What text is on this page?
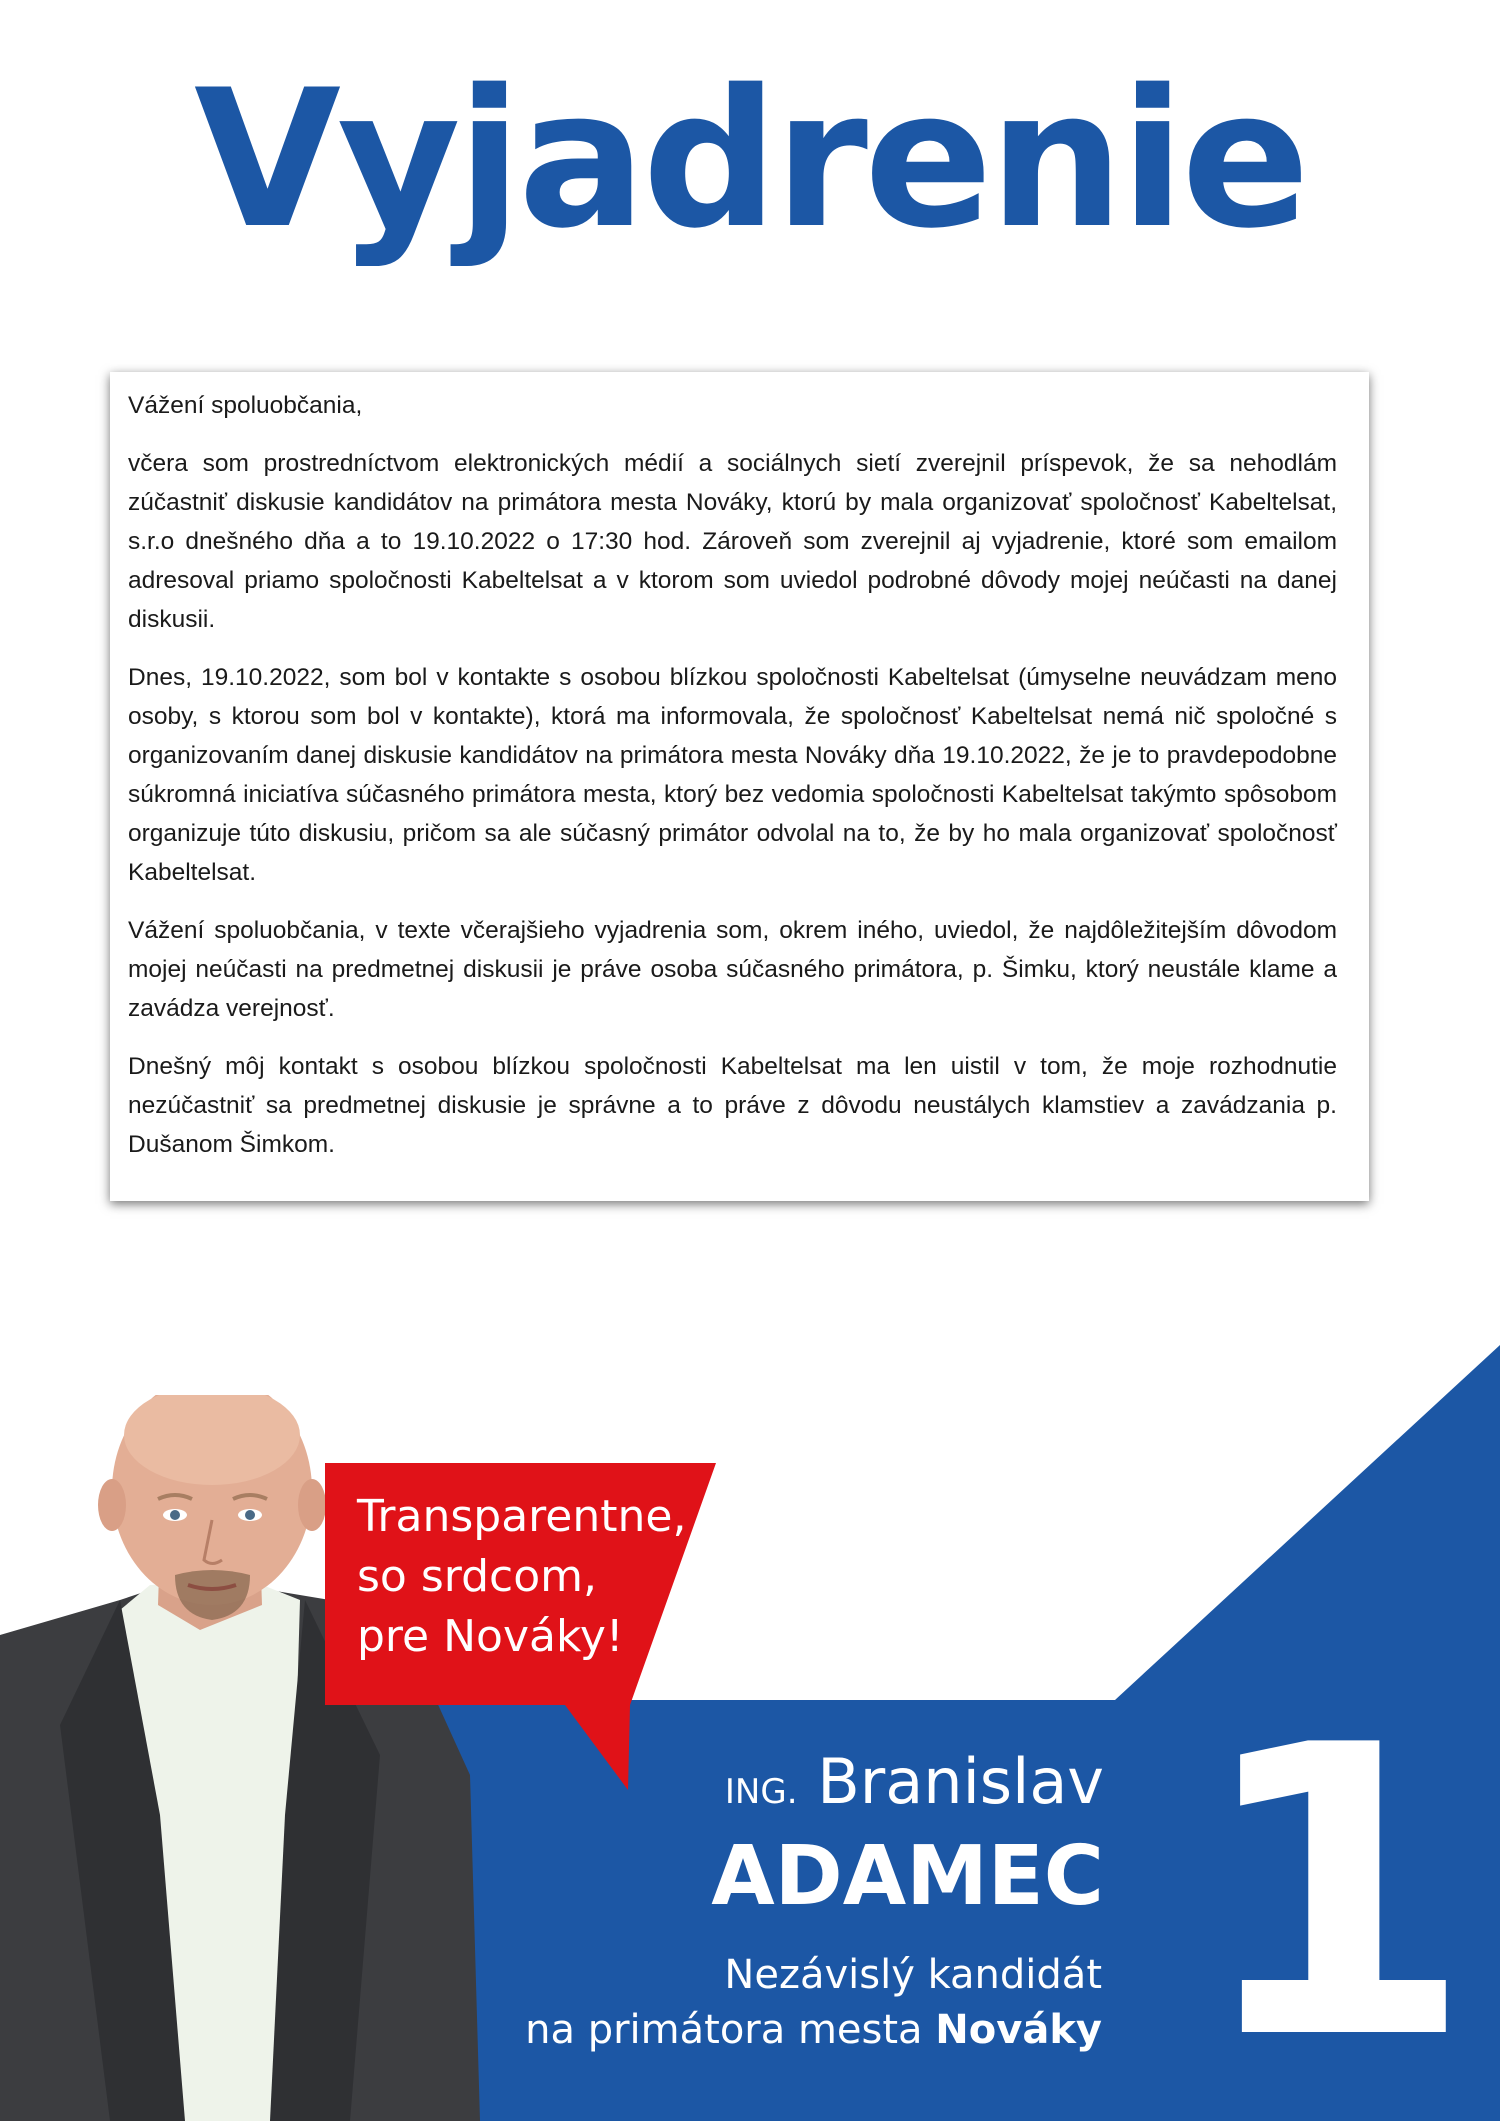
Vyjadrenie

Vážení spoluobčania,

včera som prostredníctvom elektronických médií a sociálnych sietí zverejnil príspevok, že sa nehodlám zúčastniť diskusie kandidátov na primátora mesta Nováky, ktorú by mala organizovať spoločnosť Kabeltelsat, s.r.o dnešného dňa a to 19.10.2022 o 17:30 hod. Zároveň som zverejnil aj vyjadrenie, ktoré som emailom adresoval priamo spoločnosti Kabeltelsat a v ktorom som uviedol podrobné dôvody mojej neúčasti na danej diskusii.

Dnes, 19.10.2022, som bol v kontakte s osobou blízkou spoločnosti Kabeltelsat (úmyselne neuvádzam meno osoby, s ktorou som bol v kontakte), ktorá ma informovala, že spoločnosť Kabeltelsat nemá nič spoločné s organizovaním danej diskusie kandidátov na primátora mesta Nováky dňa 19.10.2022, že je to pravdepodobne súkromná iniciatíva súčasného primátora mesta, ktorý bez vedomia spoločnosti Kabeltelsat takýmto spôsobom organizuje túto diskusiu, pričom sa ale súčasný primátor odvolal na to, že by ho mala organizovať spoločnosť Kabeltelsat.

Vážení spoluobčania, v texte včerajšieho vyjadrenia som, okrem iného, uviedol, že najdôležitejším dôvodom mojej neúčasti na predmetnej diskusii je práve osoba súčasného primátora, p. Šimku, ktorý neustále klame a zavádza verejnosť.

Dnešný môj kontakt s osobou blízkou spoločnosti Kabeltelsat ma len uistil v tom, že moje rozhodnutie nezúčastniť sa predmetnej diskusie je správne a to práve z dôvodu neustálych klamstiev a zavádzania p. Dušanom Šimkom.

Transparentne,
so srdcom,
pre Nováky!
ING. Branislav
ADAMEC
Nezávislý kandidát
na primátora mesta Nováky 1
